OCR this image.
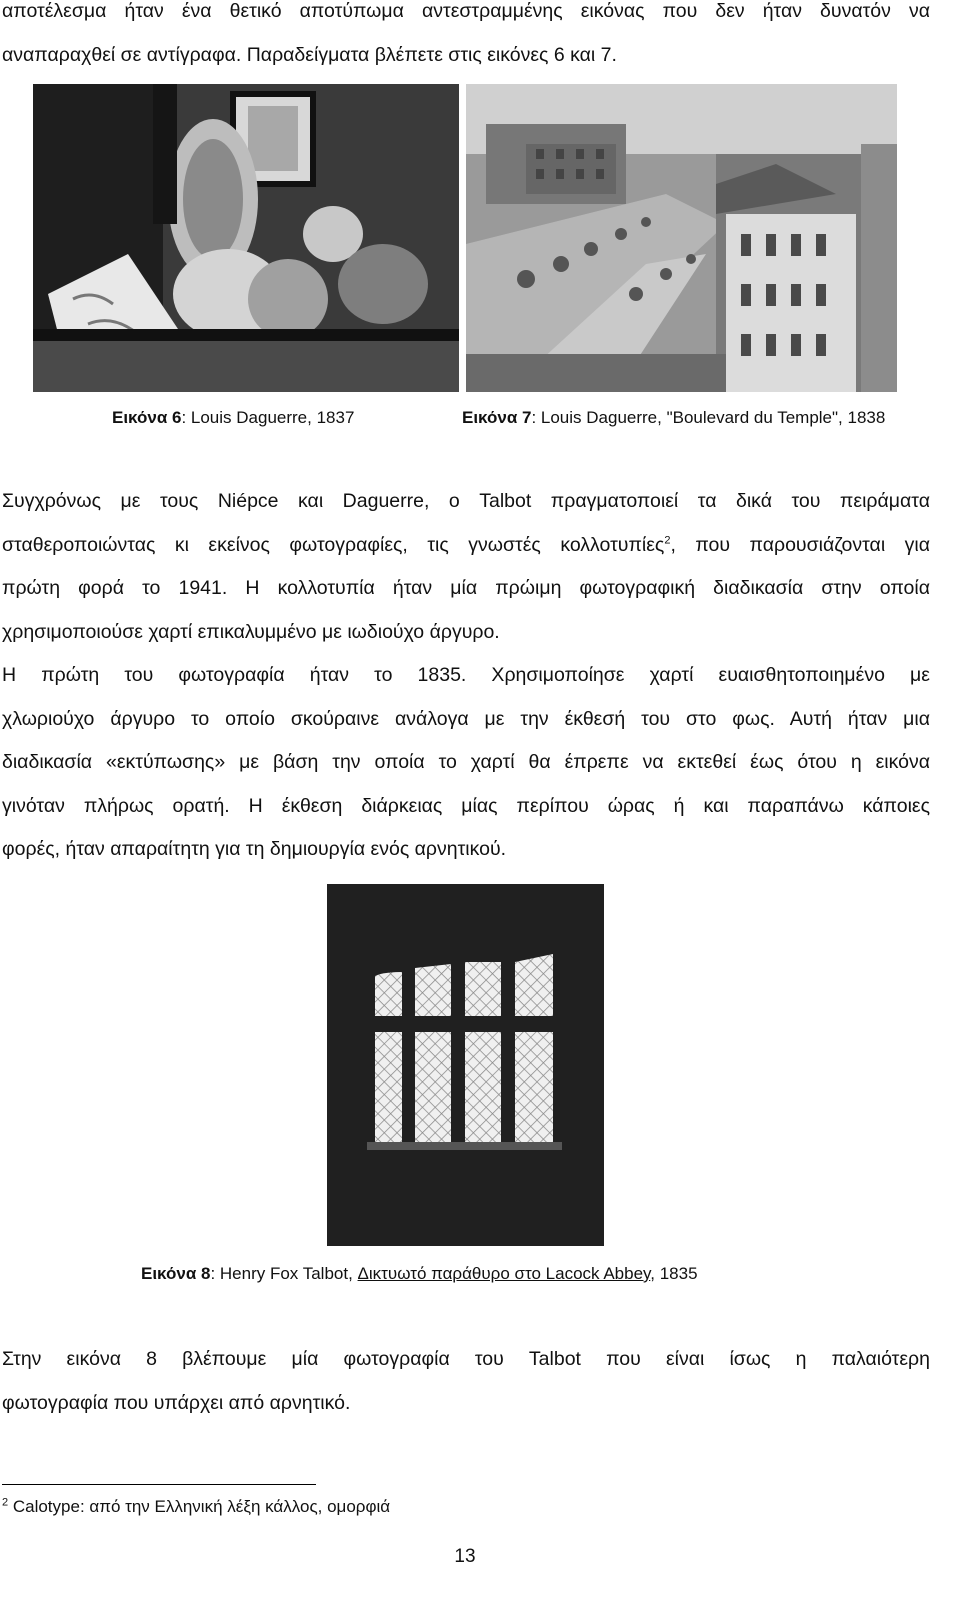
αποτέλεσμα ήταν ένα θετικό αποτύπωμα αντεστραμμένης εικόνας που δεν ήταν δυνατόν να
αναπαραχθεί σε αντίγραφα. Παραδείγματα βλέπετε στις εικόνες 6 και 7.
Εικόνα 6: Louis Daguerre, 1837	Εικόνα 7: Louis Daguerre, "Boulevard du Temple", 1838
Συγχρόνως με τους Niépce και Daguerre, ο Talbot πραγματοποιεί τα δικά του πειράματα
σταθεροποιώντας κι εκείνος φωτογραφίες, τις γνωστές κολλοτυπίες$^2$, που παρουσιάζονται για
πρώτη φορά το 1941. Η κολλοτυπία ήταν μία πρώιμη φωτογραφική διαδικασία στην οποία
χρησιμοποιούσε χαρτί επικαλυμμένο με ιωδιούχο άργυρο.
Η πρώτη του φωτογραφία ήταν το 1835. Χρησιμοποίησε χαρτί ευαισθητοποιημένο με
χλωριούχο άργυρο το οποίο σκούραινε ανάλογα με την έκθεσή του στο φως. Αυτή ήταν μια
διαδικασία «εκτύπωσης» με βάση την οποία το χαρτί θα έπρεπε να εκτεθεί έως ότου η εικόνα
γινόταν πλήρως ορατή. Η έκθεση διάρκειας μίας περίπου ώρας ή και παραπάνω κάποιες
φορές, ήταν απαραίτητη για τη δημιουργία ενός αρνητικού.
Εικόνα 8: Henry Fox Talbot, Δικτυωτό παράθυρο στο Lacock Abbey, 1835
Στην εικόνα 8 βλέπουμε μία φωτογραφία του Talbot που είναι ίσως η παλαιότερη
φωτογραφία που υπάρχει από αρνητικό.
$^2$ Calotype: από την Ελληνική λέξη κάλλος, ομορφιά
13
